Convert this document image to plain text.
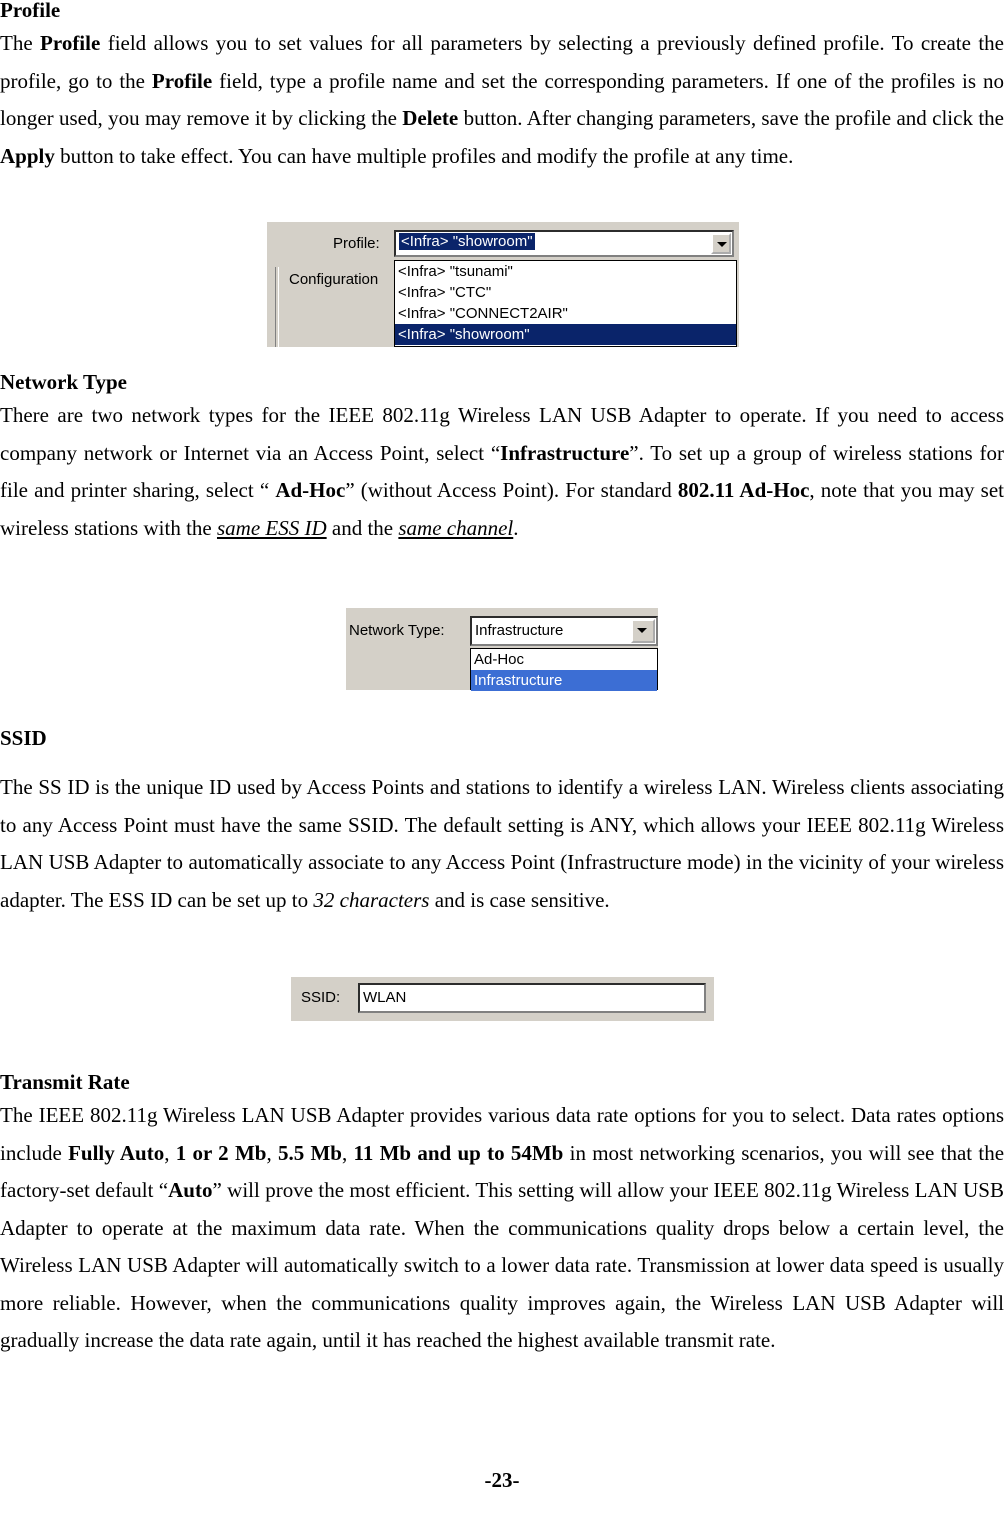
Profile

The Profile field allows you to set values for all parameters by selecting a previously defined profile. To create the profile, go to the Profile field, type a profile name and set the corresponding parameters. If one of the profiles is no longer used, you may remove it by clicking the Delete button. After changing parameters, save the profile and click the Apply button to take effect. You can have multiple profiles and modify the profile at any time.

Profile: <Infra> "showroom"
Configuration <Infra> "tsunami"
<Infra> "CTC"
<Infra> "CONNECT2AIR"
<Infra> "showroom"
Network Type

There are two network types for the IEEE 802.11g Wireless LAN USB Adapter to operate. If you need to access company network or Internet via an Access Point, select “Infrastructure”. To set up a group of wireless stations for file and printer sharing, select “ Ad-Hoc” (without Access Point). For standard 802.11 Ad-Hoc, note that you may set wireless stations with the same ESS ID and the same channel.

Network Type: Infrastructure
Ad-Hoc
Infrastructure
SSID

The SS ID is the unique ID used by Access Points and stations to identify a wireless LAN. Wireless clients associating to any Access Point must have the same SSID. The default setting is ANY, which allows your IEEE 802.11g Wireless LAN USB Adapter to automatically associate to any Access Point (Infrastructure mode) in the vicinity of your wireless adapter. The ESS ID can be set up to 32 characters and is case sensitive.

SSID: WLAN
Transmit Rate

The IEEE 802.11g Wireless LAN USB Adapter provides various data rate options for you to select. Data rates options include Fully Auto, 1 or 2 Mb, 5.5 Mb, 11 Mb and up to 54Mb in most networking scenarios, you will see that the factory-set default “Auto” will prove the most efficient. This setting will allow your IEEE 802.11g Wireless LAN USB Adapter to operate at the maximum data rate. When the communications quality drops below a certain level, the Wireless LAN USB Adapter will automatically switch to a lower data rate. Transmission at lower data speed is usually more reliable. However, when the communications quality improves again, the Wireless LAN USB Adapter will gradually increase the data rate again, until it has reached the highest available transmit rate.

-23-
